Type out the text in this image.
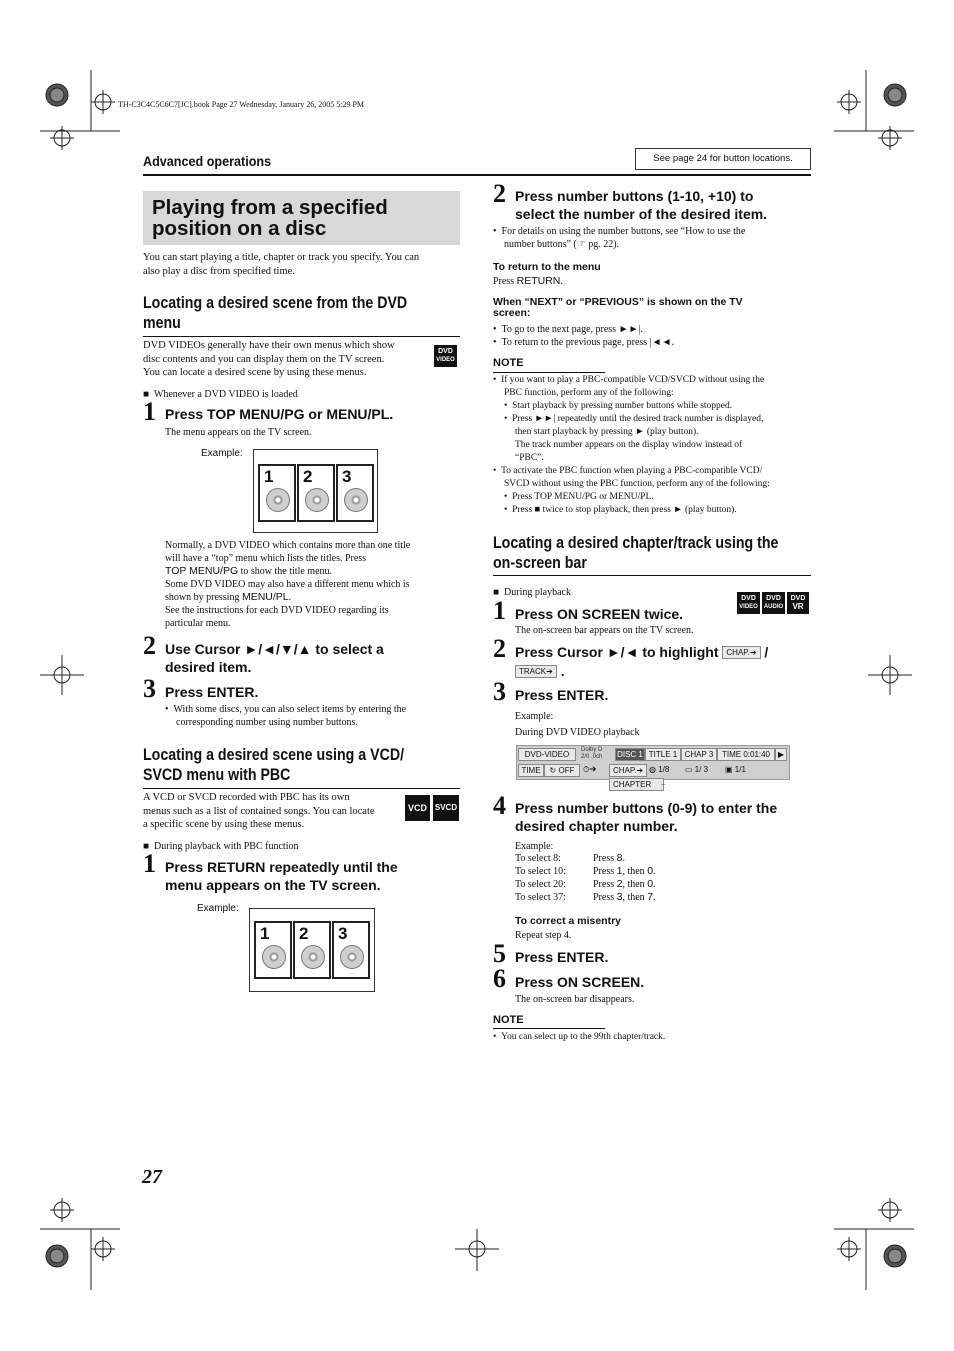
TH-C3C4C5C6C7[JC].book Page 27 Wednesday, January 26, 2005 5:29 PM
Advanced operations	See page 24 for button locations.
Playing from a specified
position on a disc
You can start playing a title, chapter or track you specify. You can
also play a disc from specified time.
Locating a desired scene from the DVD
menu
DVD VIDEOs generally have their own menus which show
disc contents and you can display them on the TV screen.
You can locate a desired scene by using these menus.
DVD
VIDEO
■ Whenever a DVD VIDEO is loaded
1 Press TOP MENU/PG or MENU/PL.
The menu appears on the TV screen.
Example:
1 2 3
Normally, a DVD VIDEO which contains more than one title
will have a “top” menu which lists the titles. Press
TOP MENU/PG to show the title menu.
Some DVD VIDEO may also have a different menu which is
shown by pressing MENU/PL.
See the instructions for each DVD VIDEO regarding its
particular menu.
2 Use Cursor ►/◄/▼/▲ to select a
desired item.
3 Press ENTER.
•  With some discs, you can also select items by entering the
corresponding number using number buttons.
Locating a desired scene using a VCD/
SVCD menu with PBC
A VCD or SVCD recorded with PBC has its own
menus such as a list of contained songs. You can locate
a specific scene by using these menus.
VCD SVCD
■ During playback with PBC function
1 Press RETURN repeatedly until the
menu appears on the TV screen.
Example:
1 2 3
2 Press number buttons (1-10, +10) to
select the number of the desired item.
•  For details on using the number buttons, see “How to use the
number buttons” (☞ pg. 22).
To return to the menu
Press RETURN.
When “NEXT” or “PREVIOUS” is shown on the TV
screen:
•  To go to the next page, press ►►|.
•  To return to the previous page, press |◄◄.
NOTE
•  If you want to play a PBC-compatible VCD/SVCD without using the
PBC function, perform any of the following:
•  Start playback by pressing number buttons while stopped.
•  Press ►►| repeatedly until the desired track number is displayed,
then start playback by pressing ► (play button).
The track number appears on the display window instead of
“PBC”.
•  To activate the PBC function when playing a PBC-compatible VCD/
SVCD without using the PBC function, perform any of the following:
•  Press TOP MENU/PG or MENU/PL.
•  Press ■ twice to stop playback, then press ► (play button).
Locating a desired chapter/track using the
on-screen bar
■ During playback
DVD
VIDEO
DVD
AUDIO
DVD
VR
1 Press ON SCREEN twice.
The on-screen bar appears on the TV screen.
2 Press Cursor ►/◄ to highlight CHAP.➔ /
TRACK➔ .
3 Press ENTER.
Example:
During DVD VIDEO playback
DVD-VIDEO	Dolby D
2/0 .0ch DISC 1 TITLE 1 CHAP 3	TIME 0:01:40 ▶
TIME	↻ OFF	⏱➔	CHAP.➔ ◍ 1/8 ▭ 1/ 3 ▣ 1/1
CHAPTER	_
4 Press number buttons (0-9) to enter the
desired chapter number.
Example:
To select 8:	Press 8.
To select 10:	Press 1, then 0.
To select 20:	Press 2, then 0.
To select 37:	Press 3, then 7.
To correct a misentry
Repeat step 4.
5 Press ENTER.
6 Press ON SCREEN.
The on-screen bar disappears.
NOTE
•  You can select up to the 99th chapter/track.
27
